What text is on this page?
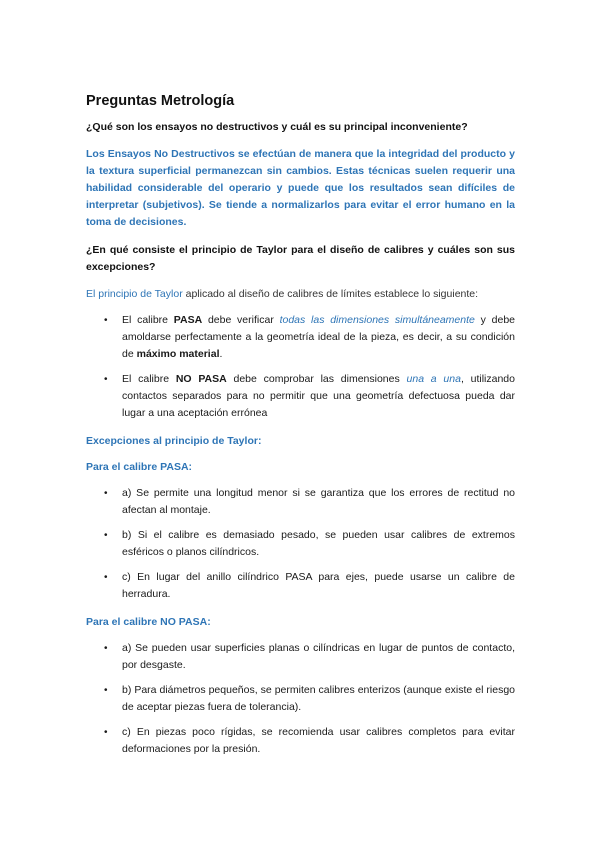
Preguntas Metrología

¿Qué son los ensayos no destructivos y cuál es su principal inconveniente?

Los Ensayos No Destructivos se efectúan de manera que la integridad del producto y la textura superficial permanezcan sin cambios. Estas técnicas suelen requerir una habilidad considerable del operario y puede que los resultados sean difíciles de interpretar (subjetivos). Se tiende a normalizarlos para evitar el error humano en la toma de decisiones.

¿En qué consiste el principio de Taylor para el diseño de calibres y cuáles son sus excepciones?

El principio de Taylor aplicado al diseño de calibres de límites establece lo siguiente:

• El calibre PASA debe verificar todas las dimensiones simultáneamente y debe amoldarse perfectamente a la geometría ideal de la pieza, es decir, a su condición de máximo material.
• El calibre NO PASA debe comprobar las dimensiones una a una, utilizando contactos separados para no permitir que una geometría defectuosa pueda dar lugar a una aceptación errónea

Excepciones al principio de Taylor:

Para el calibre PASA:

• a) Se permite una longitud menor si se garantiza que los errores de rectitud no afectan al montaje.
• b) Si el calibre es demasiado pesado, se pueden usar calibres de extremos esféricos o planos cilíndricos.
• c) En lugar del anillo cilíndrico PASA para ejes, puede usarse un calibre de herradura.

Para el calibre NO PASA:

• a) Se pueden usar superficies planas o cilíndricas en lugar de puntos de contacto, por desgaste.
• b) Para diámetros pequeños, se permiten calibres enterizos (aunque existe el riesgo de aceptar piezas fuera de tolerancia).
• c) En piezas poco rígidas, se recomienda usar calibres completos para evitar deformaciones por la presión.
